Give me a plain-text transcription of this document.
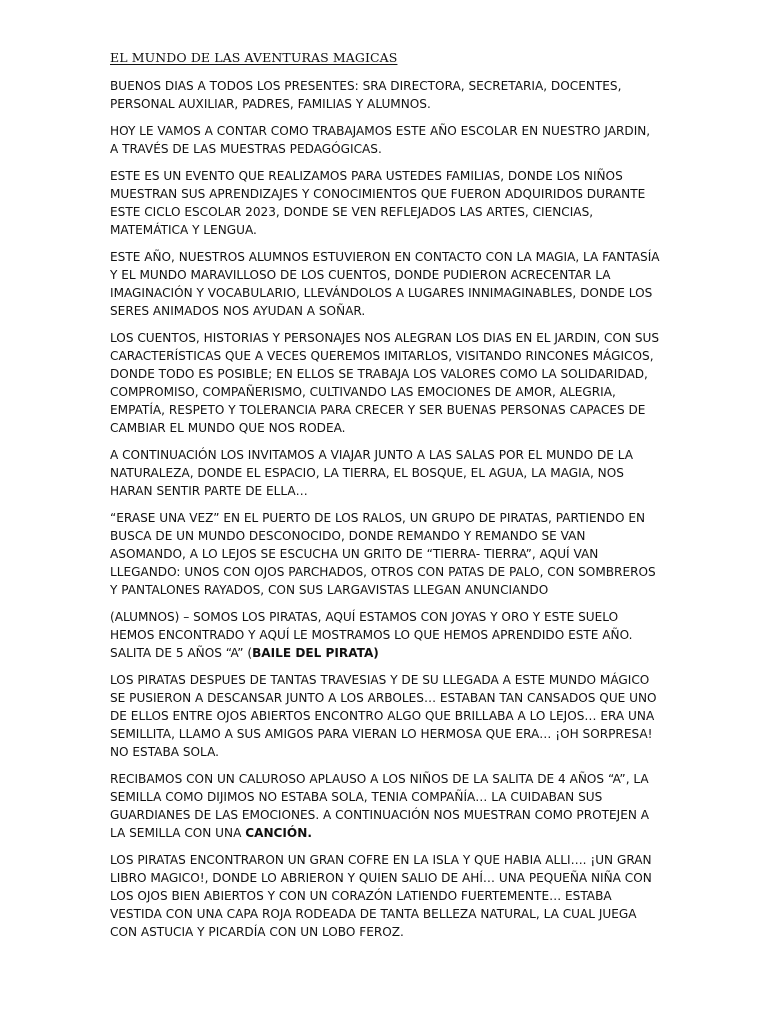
EL MUNDO DE LAS AVENTURAS MAGICAS

BUENOS DIAS A TODOS LOS PRESENTES: SRA DIRECTORA, SECRETARIA, DOCENTES, PERSONAL AUXILIAR, PADRES, FAMILIAS Y ALUMNOS.

HOY LE VAMOS A CONTAR COMO TRABAJAMOS ESTE AÑO ESCOLAR EN NUESTRO JARDIN, A TRAVÉS DE LAS MUESTRAS PEDAGÓGICAS.

ESTE ES UN EVENTO QUE REALIZAMOS PARA USTEDES FAMILIAS, DONDE LOS NIÑOS MUESTRAN SUS APRENDIZAJES Y CONOCIMIENTOS QUE FUERON ADQUIRIDOS DURANTE ESTE CICLO ESCOLAR 2023, DONDE SE VEN REFLEJADOS LAS ARTES, CIENCIAS, MATEMÁTICA Y LENGUA.

ESTE AÑO, NUESTROS ALUMNOS ESTUVIERON EN CONTACTO CON LA MAGIA, LA FANTASÍA Y EL MUNDO MARAVILLOSO DE LOS CUENTOS, DONDE PUDIERON ACRECENTAR LA IMAGINACIÓN Y VOCABULARIO, LLEVÁNDOLOS A LUGARES INNIMAGINABLES, DONDE LOS SERES ANIMADOS NOS AYUDAN A SOÑAR.

LOS CUENTOS, HISTORIAS Y PERSONAJES NOS ALEGRAN LOS DIAS EN EL JARDIN, CON SUS CARACTERÍSTICAS QUE A VECES QUEREMOS IMITARLOS, VISITANDO RINCONES MÁGICOS, DONDE TODO ES POSIBLE; EN ELLOS SE TRABAJA LOS VALORES COMO LA SOLIDARIDAD, COMPROMISO, COMPAÑERISMO, CULTIVANDO LAS EMOCIONES DE AMOR, ALEGRIA, EMPATÍA, RESPETO Y TOLERANCIA PARA CRECER Y SER BUENAS PERSONAS CAPACES DE CAMBIAR EL MUNDO QUE NOS RODEA.

A CONTINUACIÓN LOS INVITAMOS A VIAJAR JUNTO A LAS SALAS POR EL MUNDO DE LA NATURALEZA, DONDE EL ESPACIO, LA TIERRA, EL BOSQUE, EL AGUA, LA MAGIA, NOS HARAN SENTIR PARTE DE ELLA…

“ERASE UNA VEZ” EN EL PUERTO DE LOS RALOS, UN GRUPO DE PIRATAS, PARTIENDO EN BUSCA DE UN MUNDO DESCONOCIDO, DONDE REMANDO Y REMANDO SE VAN ASOMANDO, A LO LEJOS SE ESCUCHA UN GRITO DE “TIERRA- TIERRA”, AQUÍ VAN LLEGANDO: UNOS CON OJOS PARCHADOS, OTROS CON PATAS DE PALO, CON SOMBREROS Y PANTALONES RAYADOS, CON SUS LARGAVISTAS LLEGAN ANUNCIANDO

(ALUMNOS) – SOMOS LOS PIRATAS, AQUÍ ESTAMOS CON JOYAS Y ORO Y ESTE SUELO HEMOS ENCONTRADO Y AQUÍ LE MOSTRAMOS LO QUE HEMOS APRENDIDO ESTE AÑO. SALITA DE 5 AÑOS “A” (BAILE DEL PIRATA)

LOS PIRATAS DESPUES DE TANTAS TRAVESIAS Y DE SU LLEGADA A ESTE MUNDO MÁGICO SE PUSIERON A DESCANSAR JUNTO A LOS ARBOLES… ESTABAN TAN CANSADOS QUE UNO DE ELLOS ENTRE OJOS ABIERTOS ENCONTRO ALGO QUE BRILLABA A LO LEJOS… ERA UNA SEMILLITA, LLAMO A SUS AMIGOS PARA VIERAN LO HERMOSA QUE ERA… ¡OH SORPRESA! NO ESTABA SOLA.

RECIBAMOS CON UN CALUROSO APLAUSO A LOS NIÑOS DE LA SALITA DE 4 AÑOS “A”, LA SEMILLA COMO DIJIMOS NO ESTABA SOLA, TENIA COMPAÑÍA… LA CUIDABAN SUS GUARDIANES DE LAS EMOCIONES. A CONTINUACIÓN NOS MUESTRAN COMO PROTEJEN A LA SEMILLA CON UNA CANCIÓN.

LOS PIRATAS ENCONTRARON UN GRAN COFRE EN LA ISLA Y QUE HABIA ALLI…. ¡UN GRAN LIBRO MAGICO!, DONDE LO ABRIERON Y QUIEN SALIO DE AHÍ… UNA PEQUEÑA NIÑA CON LOS OJOS BIEN ABIERTOS Y CON UN CORAZÓN LATIENDO FUERTEMENTE… ESTABA VESTIDA CON UNA CAPA ROJA RODEADA DE TANTA BELLEZA NATURAL, LA CUAL JUEGA CON ASTUCIA Y PICARDÍA CON UN LOBO FEROZ.
